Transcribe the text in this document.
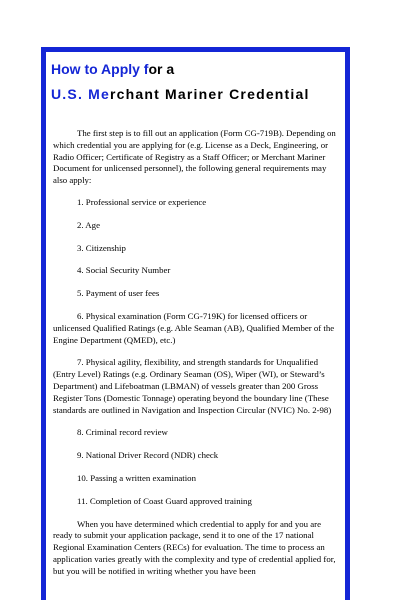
How to Apply for a
U.S. Merchant Mariner Credential

The first step is to fill out an application (Form CG-719B). Depending on which credential you are applying for (e.g. License as a Deck, Engineering, or Radio Officer; Certificate of Registry as a Staff Officer; or Merchant Mariner Document for unlicensed personnel), the following general requirements may also apply:

1. Professional service or experience
2. Age
3. Citizenship
4. Social Security Number
5. Payment of user fees
6. Physical examination (Form CG-719K) for licensed officers or unlicensed Qualified Ratings (e.g. Able Seaman (AB), Qualified Member of the Engine Department (QMED), etc.)
7. Physical agility, flexibility, and strength standards for Unqualified (Entry Level) Ratings (e.g. Ordinary Seaman (OS), Wiper (WI), or Steward’s Department) and Lifeboatman (LBMAN) of vessels greater than 200 Gross Register Tons (Domestic Tonnage) operating beyond the boundary line (These standards are outlined in Navigation and Inspection Circular (NVIC) No. 2-98)
8. Criminal record review
9. National Driver Record (NDR) check
10. Passing a written examination
11. Completion of Coast Guard approved training

When you have determined which credential to apply for and you are ready to submit your application package, send it to one of the 17 national Regional Examination Centers (RECs) for evaluation. The time to process an application varies greatly with the complexity and type of credential applied for, but you will be notified in writing whether you have been
